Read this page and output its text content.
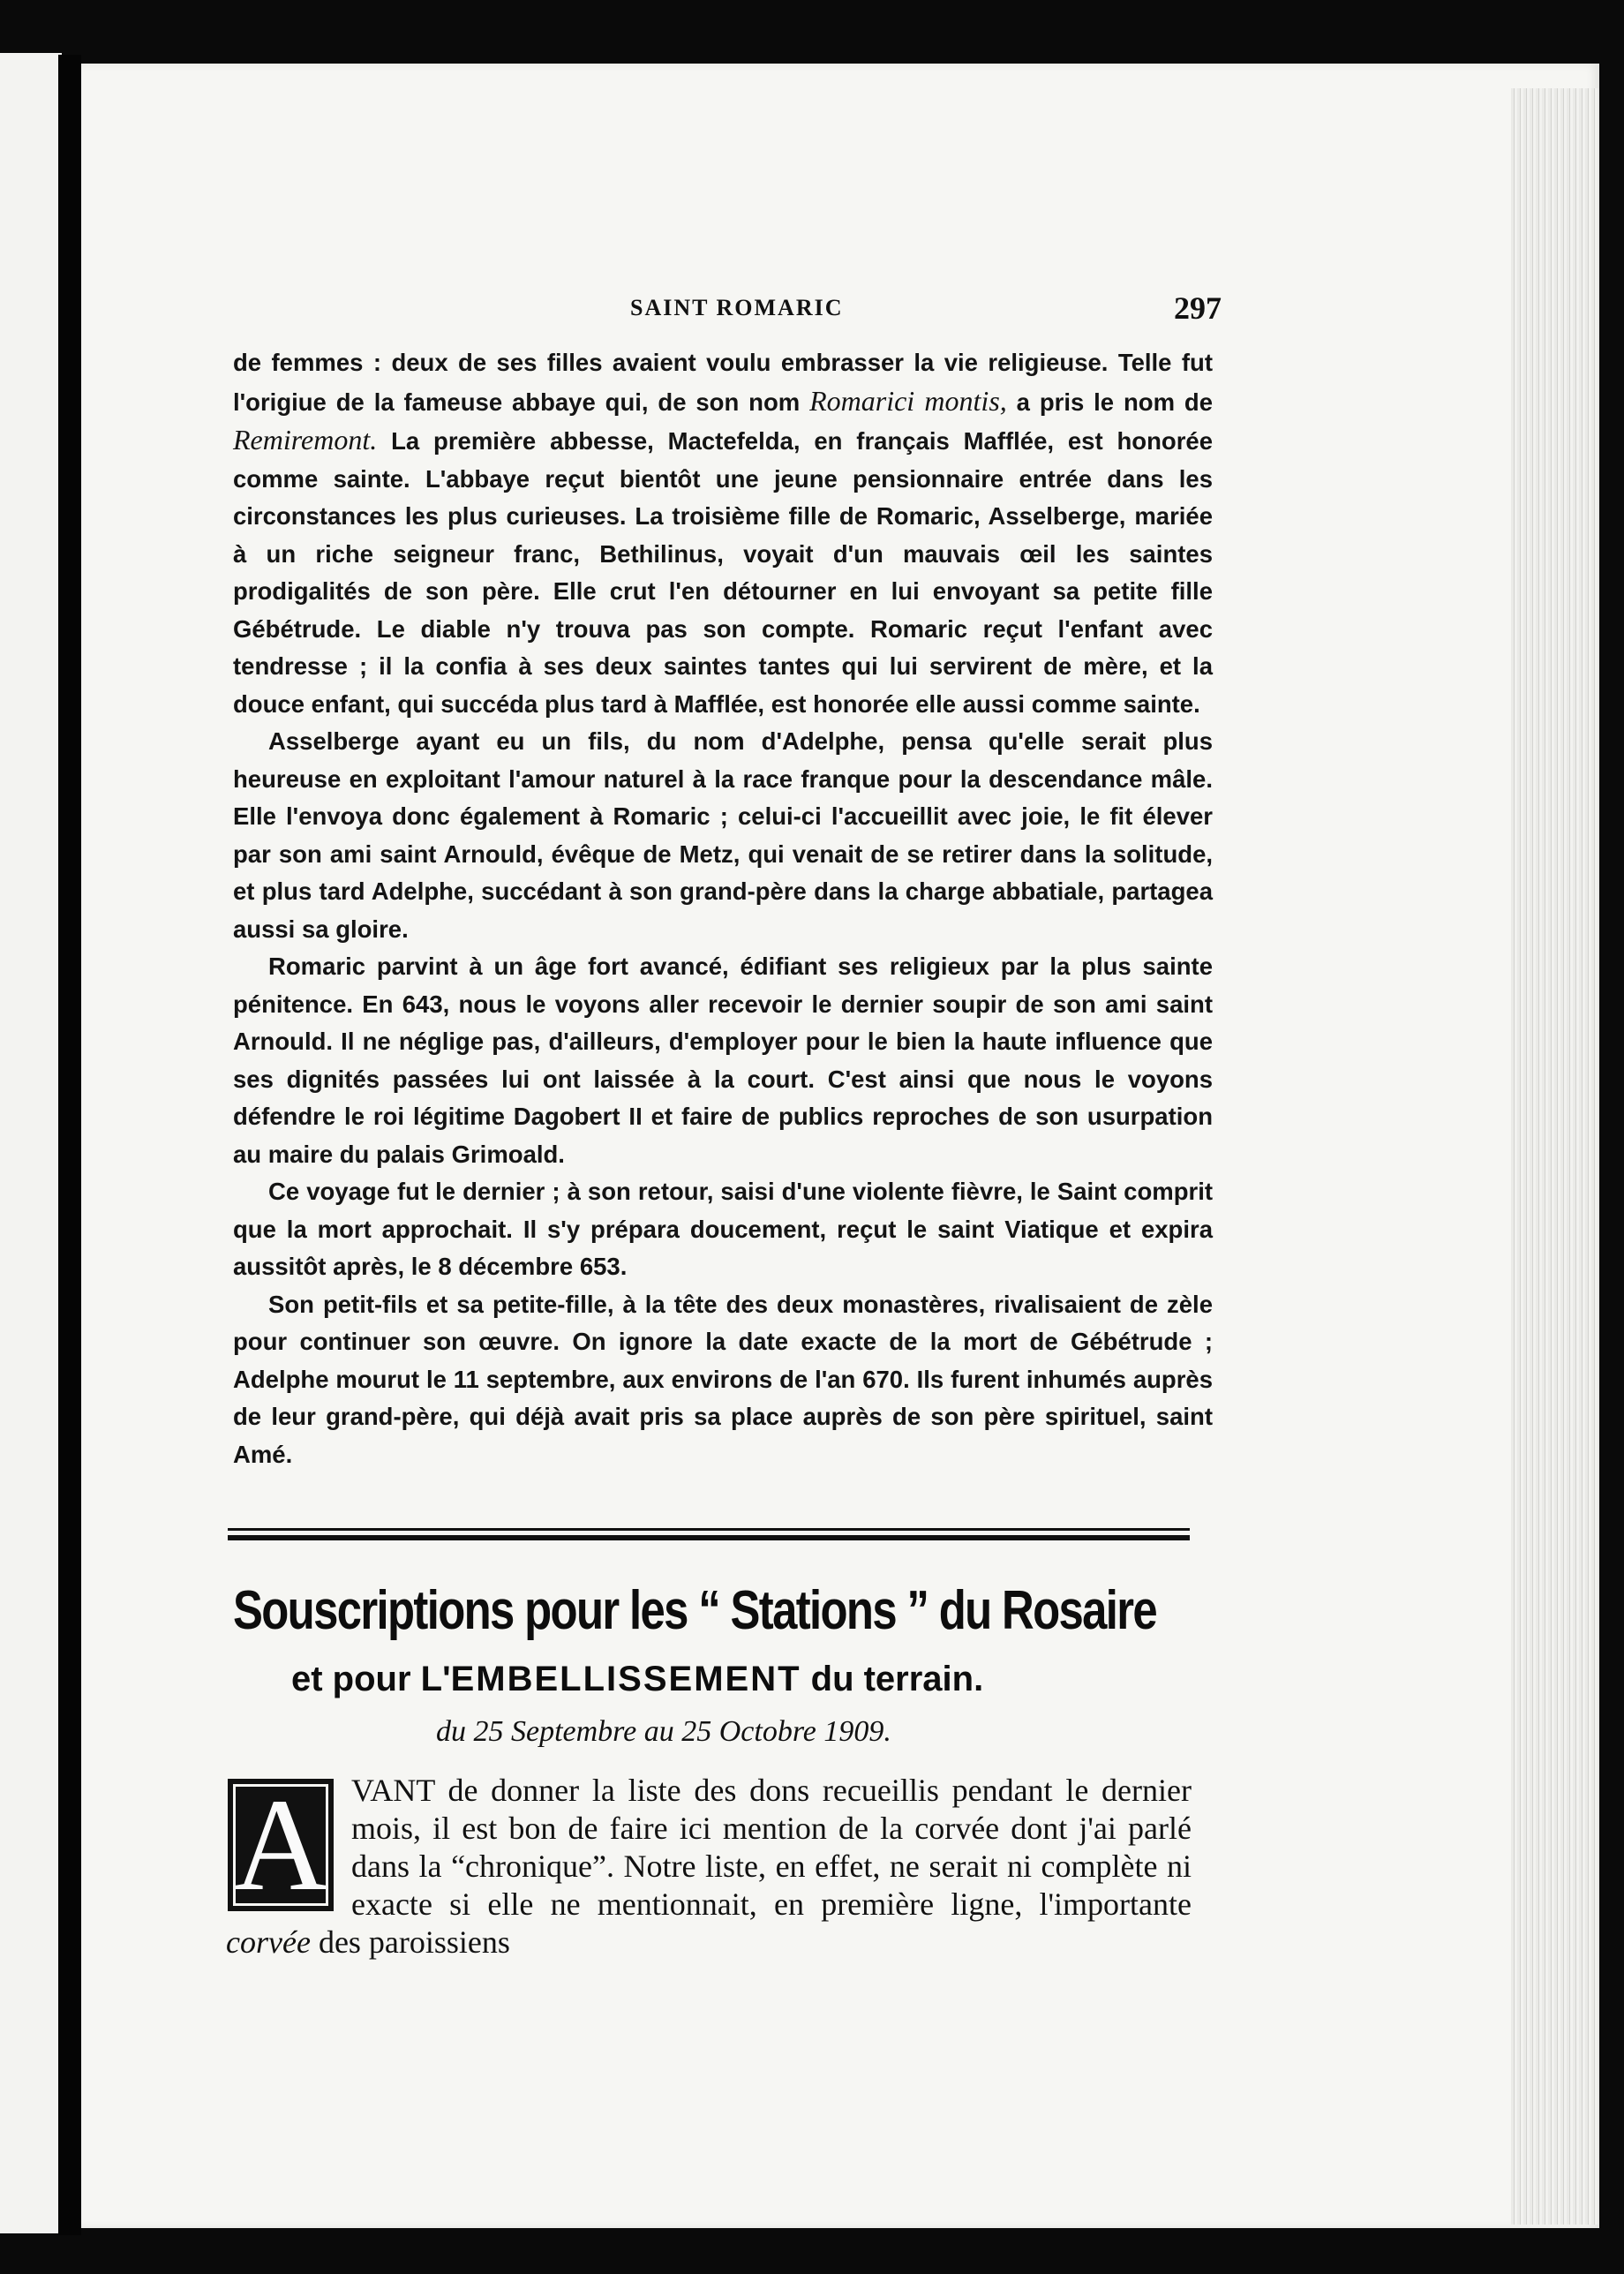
SAINT ROMARIC	297

de femmes : deux de ses filles avaient voulu embrasser la vie religieuse. Telle fut l'origiue de la fameuse abbaye qui, de son nom Romarici montis, a pris le nom de Remiremont. La première abbesse, Mactefelda, en français Mafflée, est honorée comme sainte. L'abbaye reçut bientôt une jeune pensionnaire entrée dans les circonstances les plus curieuses. La troisième fille de Romaric, Asselberge, mariée à un riche seigneur franc, Bethilinus, voyait d'un mauvais œil les saintes prodigalités de son père. Elle crut l'en détourner en lui envoyant sa petite fille Gébétrude. Le diable n'y trouva pas son compte. Romaric reçut l'enfant avec tendresse ; il la confia à ses deux saintes tantes qui lui servirent de mère, et la douce enfant, qui succéda plus tard à Mafflée, est honorée elle aussi comme sainte.

Asselberge ayant eu un fils, du nom d'Adelphe, pensa qu'elle serait plus heureuse en exploitant l'amour naturel à la race franque pour la descendance mâle. Elle l'envoya donc également à Romaric ; celui-ci l'accueillit avec joie, le fit élever par son ami saint Arnould, évêque de Metz, qui venait de se retirer dans la solitude, et plus tard Adelphe, succédant à son grand-père dans la charge abbatiale, partagea aussi sa gloire.

Romaric parvint à un âge fort avancé, édifiant ses religieux par la plus sainte pénitence. En 643, nous le voyons aller recevoir le dernier soupir de son ami saint Arnould. Il ne néglige pas, d'ailleurs, d'employer pour le bien la haute influence que ses dignités passées lui ont laissée à la court. C'est ainsi que nous le voyons défendre le roi légitime Dagobert II et faire de publics reproches de son usurpation au maire du palais Grimoald.

Ce voyage fut le dernier ; à son retour, saisi d'une violente fièvre, le Saint comprit que la mort approchait. Il s'y prépara doucement, reçut le saint Viatique et expira aussitôt après, le 8 décembre 653.

Son petit-fils et sa petite-fille, à la tête des deux monastères, rivalisaient de zèle pour continuer son œuvre. On ignore la date exacte de la mort de Gébétrude ; Adelphe mourut le 11 septembre, aux environs de l'an 670. Ils furent inhumés auprès de leur grand-père, qui déjà avait pris sa place auprès de son père spirituel, saint Amé.

Souscriptions pour les “ Stations ” du Rosaire
et pour L'EMBELLISSEMENT du terrain.
du 25 Septembre au 25 Octobre 1909.
A VANT de donner la liste des dons recueillis pendant le dernier mois, il est bon de faire ici mention de la corvée dont j'ai parlé dans la “chronique”. Notre liste, en effet, ne serait ni complète ni exacte si elle ne mentionnait, en première ligne, l'importante corvée des paroissiens
